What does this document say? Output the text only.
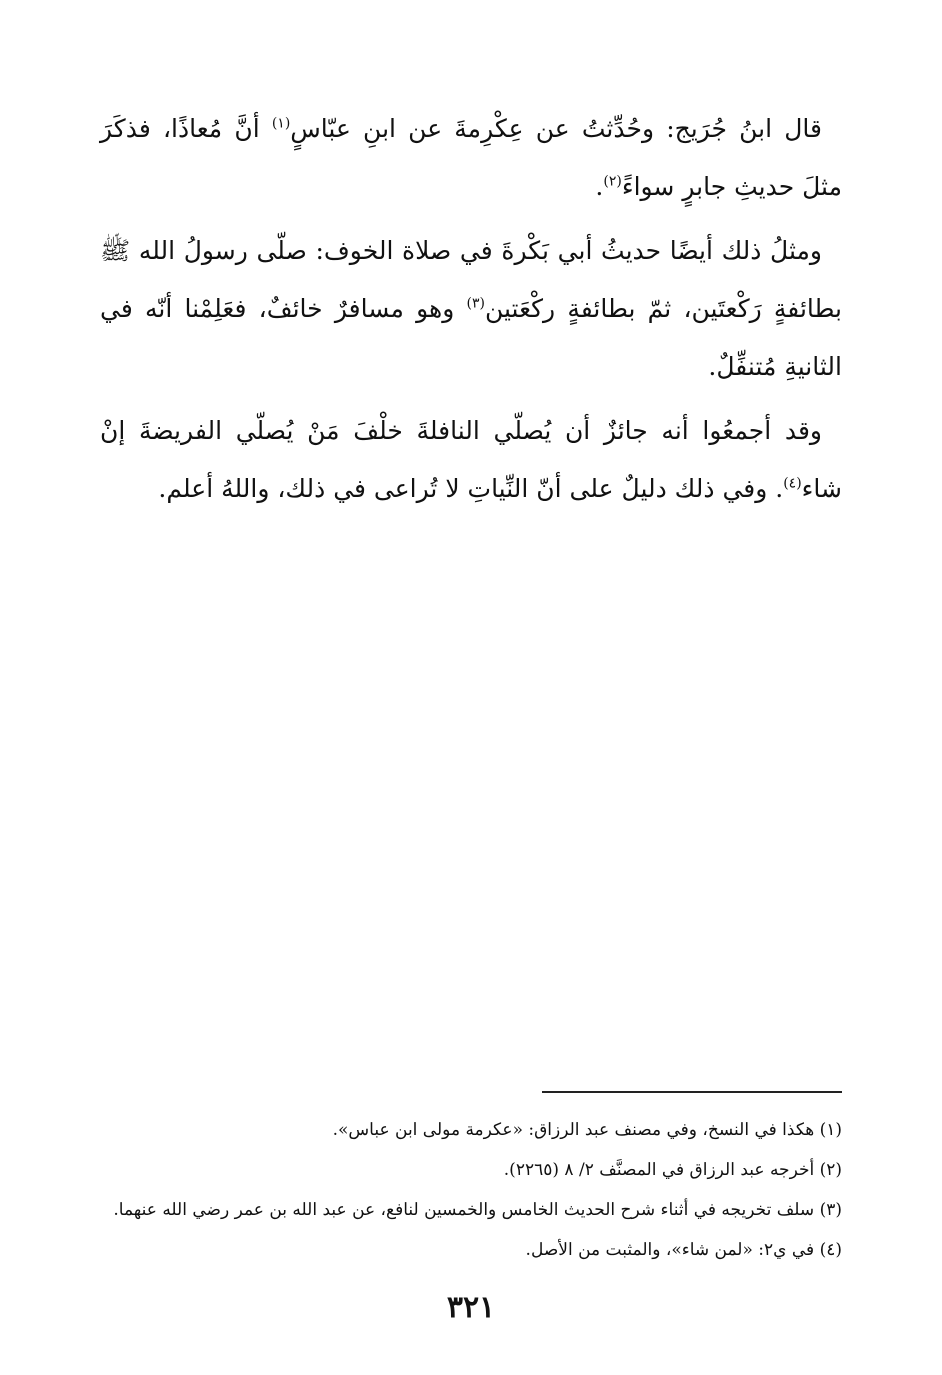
قال ابنُ جُرَيج: وحُدِّثتُ عن عِكْرِمةَ عن ابنِ عبّاسٍ$^{(١)}$ أنَّ مُعاذًا، فذكَرَ مثلَ حديثِ جابرٍ سواءً$^{(٢)}$.

ومثلُ ذلك أيضًا حديثُ أبي بَكْرةَ في صلاة الخوف: صلّى رسولُ الله ﷺ بطائفةٍ رَكْعتَين، ثمّ بطائفةٍ ركْعَتين$^{(٣)}$ وهو مسافرٌ خائفٌ، فعَلِمْنا أنّه في الثانيةِ مُتنفِّلٌ.

وقد أجمعُوا أنه جائزٌ أن يُصلّي النافلةَ خلْفَ مَنْ يُصلّي الفريضةَ إنْ شاء$^{(٤)}$. وفي ذلك دليلٌ على أنّ النِّياتِ لا تُراعى في ذلك، واللهُ أعلم.

(١) هكذا في النسخ، وفي مصنف عبد الرزاق: «عكرمة مولى ابن عباس».
(٢) أخرجه عبد الرزاق في المصنَّف ٢/ ٨ (٢٢٦٥).
(٣) سلف تخريجه في أثناء شرح الحديث الخامس والخمسين لنافع، عن عبد الله بن عمر رضي الله عنهما.
(٤) في ي٢: «لمن شاء»، والمثبت من الأصل.
٣٢١
